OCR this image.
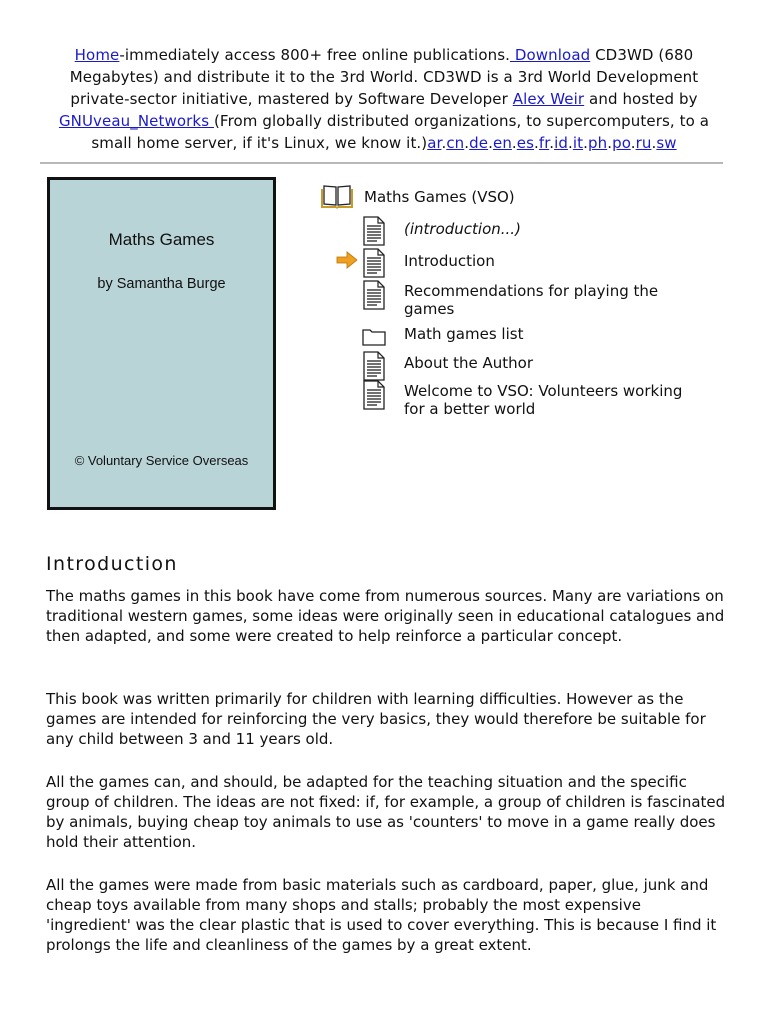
Home-immediately access 800+ free online publications. Download CD3WD (680 Megabytes) and distribute it to the 3rd World. CD3WD is a 3rd World Development private-sector initiative, mastered by Software Developer Alex Weir and hosted by
GNUveau_Networks (From globally distributed organizations, to supercomputers, to a small home server, if it's Linux, we know it.)ar.cn.de.en.es.fr.id.it.ph.po.ru.sw
Maths Games
by Samantha Burge
© Voluntary Service Overseas
Maths Games (VSO)
(introduction...)
Introduction
Recommendations for playing the games
Math games list
About the Author
Welcome to VSO: Volunteers working for a better world
Introduction

The maths games in this book have come from numerous sources. Many are variations on traditional western games, some ideas were originally seen in educational catalogues and then adapted, and some were created to help reinforce a particular concept.

This book was written primarily for children with learning difficulties. However as the games are intended for reinforcing the very basics, they would therefore be suitable for any child between 3 and 11 years old.

All the games can, and should, be adapted for the teaching situation and the specific group of children. The ideas are not fixed: if, for example, a group of children is fascinated by animals, buying cheap toy animals to use as 'counters' to move in a game really does hold their attention.

All the games were made from basic materials such as cardboard, paper, glue, junk and cheap toys available from many shops and stalls; probably the most expensive 'ingredient' was the clear plastic that is used to cover everything. This is because I find it prolongs the life and cleanliness of the games by a great extent.
